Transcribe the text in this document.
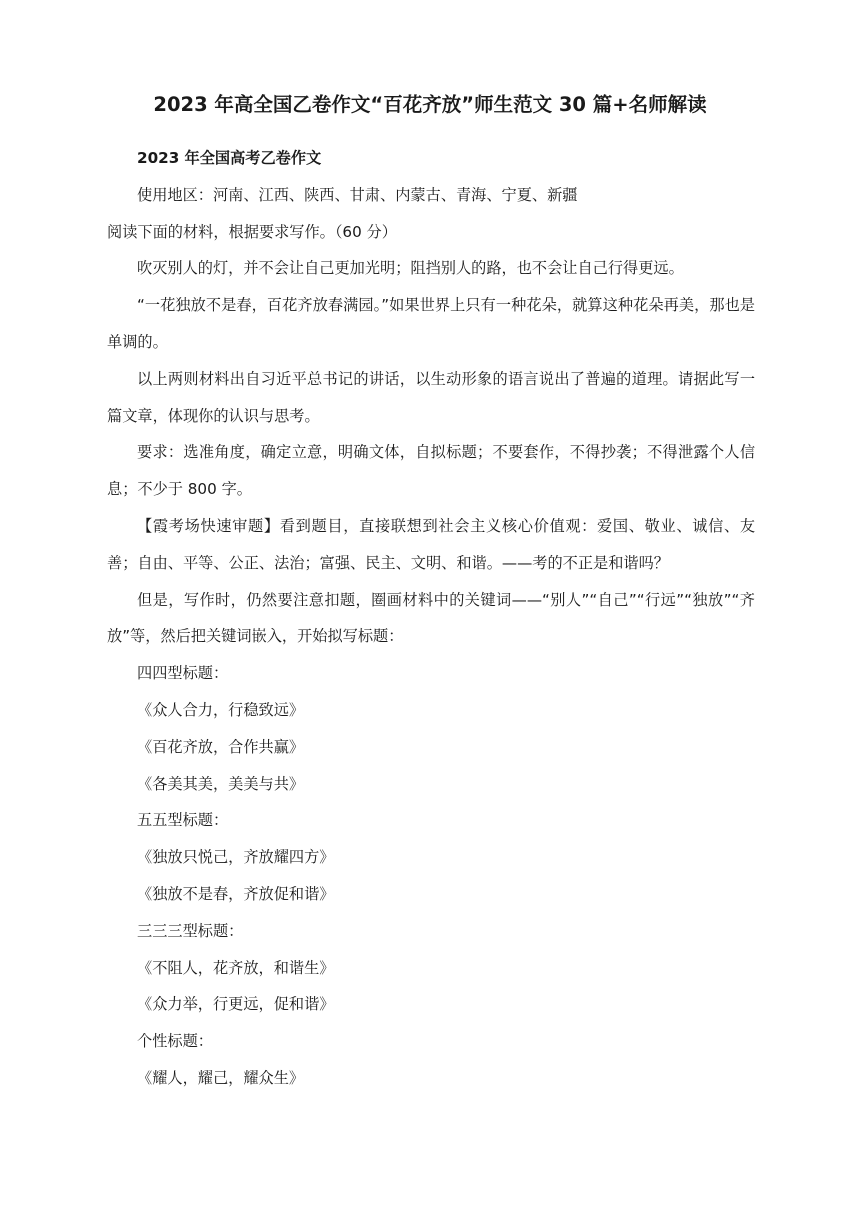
2023 年高全国乙卷作文“百花齐放”师生范文 30 篇+名师解读

2023 年全国高考乙卷作文

使用地区：河南、江西、陕西、甘肃、内蒙古、青海、宁夏、新疆

阅读下面的材料，根据要求写作。（60 分）

吹灭别人的灯，并不会让自己更加光明；阻挡别人的路，也不会让自己行得更远。

“一花独放不是春，百花齐放春满园。”如果世界上只有一种花朵，就算这种花朵再美，那也是单调的。

以上两则材料出自习近平总书记的讲话，以生动形象的语言说出了普遍的道理。请据此写一篇文章，体现你的认识与思考。

要求：选准角度，确定立意，明确文体，自拟标题；不要套作，不得抄袭；不得泄露个人信息；不少于 800 字。

【霞考场快速审题】看到题目，直接联想到社会主义核心价值观：爱国、敬业、诚信、友善；自由、平等、公正、法治；富强、民主、文明、和谐。——考的不正是和谐吗？

但是，写作时，仍然要注意扣题，圈画材料中的关键词——“别人”“自己”“行远”“独放”“齐放”等，然后把关键词嵌入，开始拟写标题：

四四型标题：

《众人合力，行稳致远》

《百花齐放，合作共赢》

《各美其美，美美与共》

五五型标题：

《独放只悦己，齐放耀四方》

《独放不是春，齐放促和谐》

三三三型标题：

《不阻人，花齐放，和谐生》

《众力举，行更远，促和谐》

个性标题：

《耀人，耀己，耀众生》
